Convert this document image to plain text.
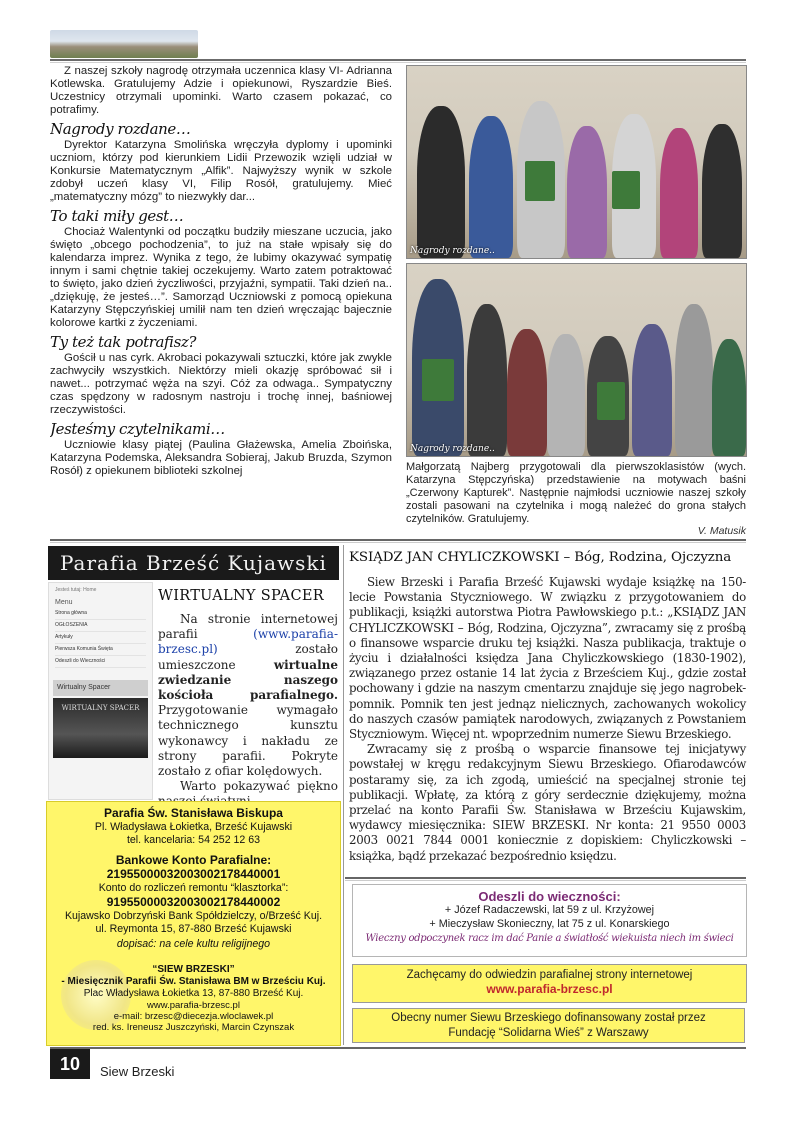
Z naszej szkoły nagrodę otrzymała uczennica klasy VI- Adrianna Kotlewska. Gratulujemy Adzie i opiekunowi, Ryszardzie Bieś. Uczestnicy otrzymali upominki. Warto czasem pokazać, co potrafimy.

Nagrody rozdane…

Dyrektor Katarzyna Smolińska wręczyła dyplomy i upominki uczniom, którzy pod kierunkiem Lidii Przewozik wzięli udział w Konkursie Matematycznym „Alfik”. Najwyższy wynik w szkole zdobył uczeń klasy VI, Filip Rosół, gratulujemy. Mieć „matematyczny mózg” to niezwykły dar...

To taki miły gest…

Chociaż Walentynki od początku budziły mieszane uczucia, jako święto „obcego pochodzenia”, to już na stałe wpisały się do kalendarza imprez. Wynika z tego, że lubimy okazywać sympatię innym i sami chętnie takiej oczekujemy. Warto zatem potraktować to święto, jako dzień życzliwości, przyjaźni, sympatii. Taki dzień na.. „dziękuję, że jesteś…”. Samorząd Uczniowski z pomocą opiekuna Katarzyny Stępczyńskiej umilił nam ten dzień wręczając bajecznie kolorowe kartki z życzeniami.

Ty też tak potrafisz?

Gościł u nas cyrk. Akrobaci pokazywali sztuczki, które jak zwykle zachwyciły wszystkich. Niektórzy mieli okazję spróbować sił i nawet... potrzymać węża na szyi. Cóż za odwaga.. Sympatyczny czas spędzony w radosnym nastroju i trochę innej, baśniowej rzeczywistości.

Jesteśmy czytelnikami…

Uczniowie klasy piątej (Paulina Głażewska, Amelia Zboińska, Katarzyna Podemska, Aleksandra Sobieraj, Jakub Bruzda, Szymon Rosół) z opiekunem biblioteki szkolnej

Nagrody rozdane..
Nagrody rozdane..

Małgorzatą Najberg przygotowali dla pierwszoklasistów (wych. Katarzyna Stępczyńska) przedstawienie na motywach baśni „Czerwony Kapturek”. Następnie najmłodsi uczniowie naszej szkoły zostali pasowani na czytelnika i mogą należeć do grona stałych czytelników. Gratulujemy.

V. Matusik
Parafia Brześć Kujawski
Jesteś tutaj: Home
Menu
Strona główna
OGŁOSZENIA
Artykuły
Pierwsza Komunia Święta
Odeszli do Wieczności
Wirtualny Spacer
WIRTUALNY SPACER
WIRTUALNY SPACER

Na stronie internetowej parafii (www.parafia-brzesc.pl) zostało umieszczone wirtualne zwiedzanie naszego kościoła parafialnego. Przygotowanie wymagało technicznego kunsztu wykonawcy i nakładu ze strony parafii. Pokryte zostało z ofiar kolędowych.

Warto pokazywać piękno

Parafia Św. Stanisława Biskupa
Pl. Władysława Łokietka, Brześć Kujawski
tel. kancelaria: 54 252 12 63
Bankowe Konto Parafialne:
21955000032003002178440001
Konto do rozliczeń remontu “klasztorka”:
91955000032003002178440002
Kujawsko Dobrzyński Bank Spółdzielczy, o/Brześć Kuj.
ul. Reymonta 15, 87-880 Brześć Kujawski
dopisać: na cele kultu religijnego
“SIEW BRZESKI”
- Miesięcznik Parafii Św. Stanisława BM w Brześciu Kuj.
Plac Władysława Łokietka 13, 87-880 Brześć Kuj.
www.parafia-brzesc.pl
e-mail: brzesc@diecezja.wloclawek.pl
red. ks. Ireneusz Juszczyński, Marcin Czynszak
KSIĄDZ JAN CHYLICZKOWSKI – Bóg, Rodzina, Ojczyzna

Siew Brzeski i Parafia Brześć Kujawski wydaje książkę na 150-lecie Powstania Styczniowego. W związku z przygotowaniem do publikacji, książki autorstwa Piotra Pawłowskiego p.t.: „KSIĄDZ JAN CHYLICZKOWSKI – Bóg, Rodzina, Ojczyzna”, zwracamy się z prośbą o finansowe wsparcie druku tej książki. Nasza publikacja, traktuje o życiu i działalności księdza Jana Chyliczkowskiego (1830-1902), związanego przez ostanie 14 lat życia z Brześciem Kuj., gdzie został pochowany i gdzie na naszym cmentarzu znajduje się jego nagrobek-pomnik. Pomnik ten jest jednąz nielicznych, zachowanych wokolicy do naszych czasów pamiątek narodowych, związanych z Powstaniem Styczniowym. Więcej nt. wpoprzednim numerze Siewu Brzeskiego.

Zwracamy się z prośbą o wsparcie finansowe tej inicjatywy powstałej w kręgu redakcyjnym Siewu Brzeskiego. Ofiarodawców postaramy się, za ich zgodą, umieścić na specjalnej stronie tej publikacji. Wpłatę, za którą z góry serdecznie dziękujemy, można przelać na konto Parafii Św. Stanisława w Brześciu Kujawskim, wydawcy miesięcznika: SIEW BRZESKI. Nr konta: 21 9550 0003 2003 0021 7844 0001 koniecznie z dopiskiem: Chyliczkowski – książka, bądź przekazać bezpośrednio księdzu.

Odeszli do wieczności:
+ Józef Radaczewski, lat 59 z ul. Krzyżowej
+ Mieczysław Skonieczny, lat 75 z ul. Konarskiego
Wieczny odpoczynek racz im dać Panie a światłość wiekuista niech im świeci
Zachęcamy do odwiedzin parafialnej strony internetowej
www.parafia-brzesc.pl
Obecny numer Siewu Brzeskiego dofinansowany został przez
Fundację “Solidarna Wieś” z Warszawy
10	Siew Brzeski
